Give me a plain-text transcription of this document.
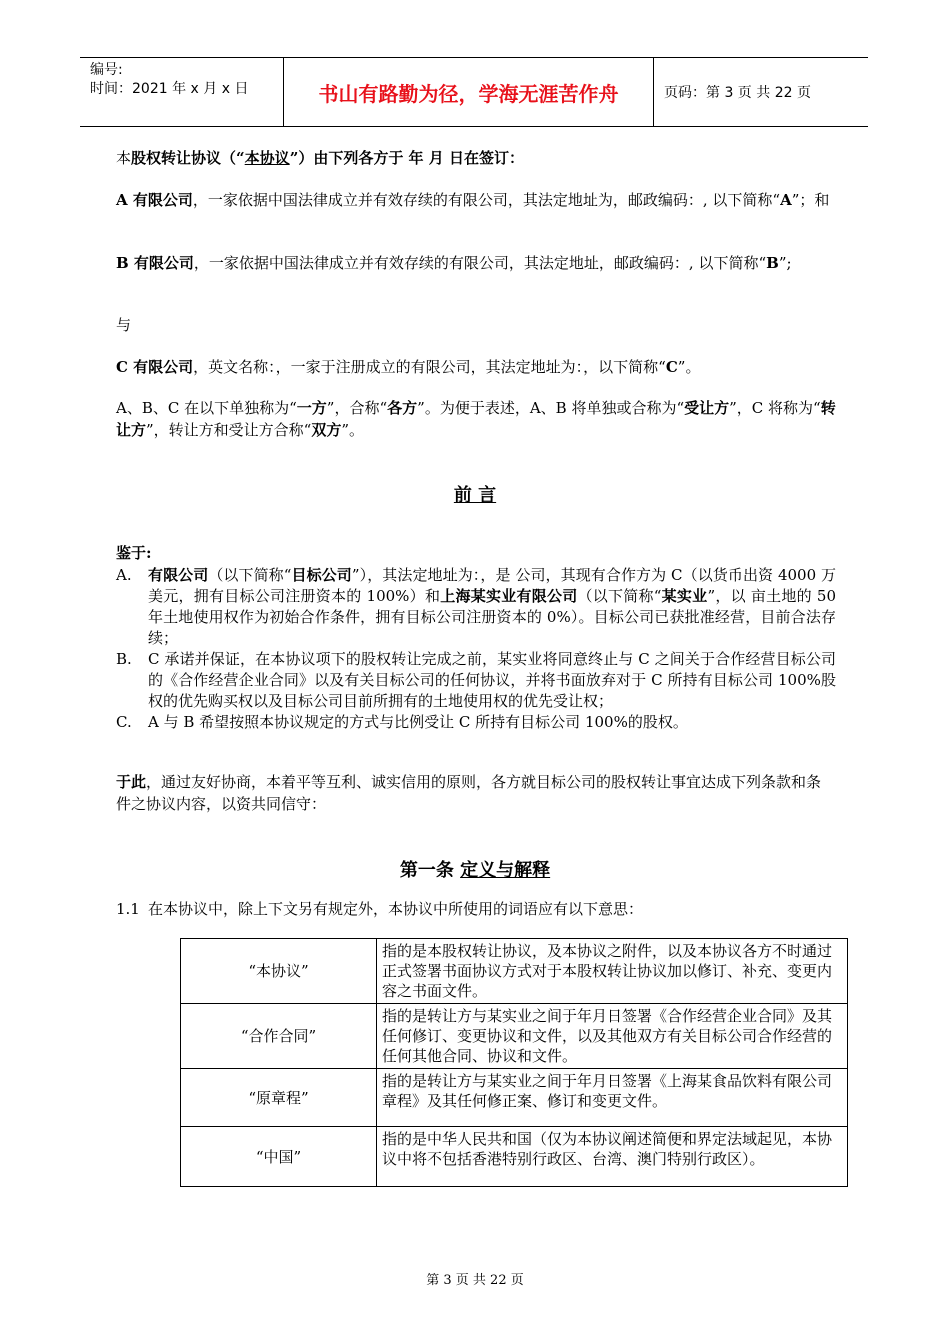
编号:
时间：2021 年 x 月 x 日	书山有路勤为径，学海无涯苦作舟	页码：第 3 页 共 22 页

本股权转让协议（“本协议”）由下列各方于 年 月 日在签订：

A 有限公司，一家依据中国法律成立并有效存续的有限公司，其法定地址为，邮政编码：, 以下简称“A”；和

B 有限公司，一家依据中国法律成立并有效存续的有限公司，其法定地址，邮政编码：, 以下简称“B”;

与

C 有限公司，英文名称：，一家于注册成立的有限公司，其法定地址为：，以下简称“C”。

A、B、C 在以下单独称为“一方”，合称“各方”。为便于表述，A、B 将单独或合称为“受让方”，C 将称为“转让方”，转让方和受让方合称“双方”。

前 言

鉴于:

A.	有限公司（以下简称“目标公司”），其法定地址为：，是 公司，其现有合作方为 C（以货币出资 4000 万美元，拥有目标公司注册资本的 100%）和上海某实业有限公司（以下简称“某实业”，以 亩土地的 50 年土地使用权作为初始合作条件，拥有目标公司注册资本的 0%）。目标公司已获批准经营，目前合法存续；
B.	C 承诺并保证，在本协议项下的股权转让完成之前，某实业将同意终止与 C 之间关于合作经营目标公司的《合作经营企业合同》以及有关目标公司的任何协议，并将书面放弃对于 C 所持有目标公司 100%股权的优先购买权以及目标公司目前所拥有的土地使用权的优先受让权；
C.	A 与 B 希望按照本协议规定的方式与比例受让 C 所持有目标公司 100%的股权。

于此，通过友好协商，本着平等互利、诚实信用的原则，各方就目标公司的股权转让事宜达成下列条款和条件之协议内容，以资共同信守：

第一条 定义与解释

1.1 在本协议中，除上下文另有规定外，本协议中所使用的词语应有以下意思：

“本协议”	指的是本股权转让协议，及本协议之附件，以及本协议各方不时通过正式签署书面协议方式对于本股权转让协议加以修订、补充、变更内容之书面文件。
“合作合同”	指的是转让方与某实业之间于年月日签署《合作经营企业合同》及其任何修订、变更协议和文件，以及其他双方有关目标公司合作经营的任何其他合同、协议和文件。
“原章程”	指的是转让方与某实业之间于年月日签署《上海某食品饮料有限公司章程》及其任何修正案、修订和变更文件。
“中国”	指的是中华人民共和国（仅为本协议阐述简便和界定法域起见，本协议中将不包括香港特别行政区、台湾、澳门特别行政区）。
第 3 页 共 22 页
